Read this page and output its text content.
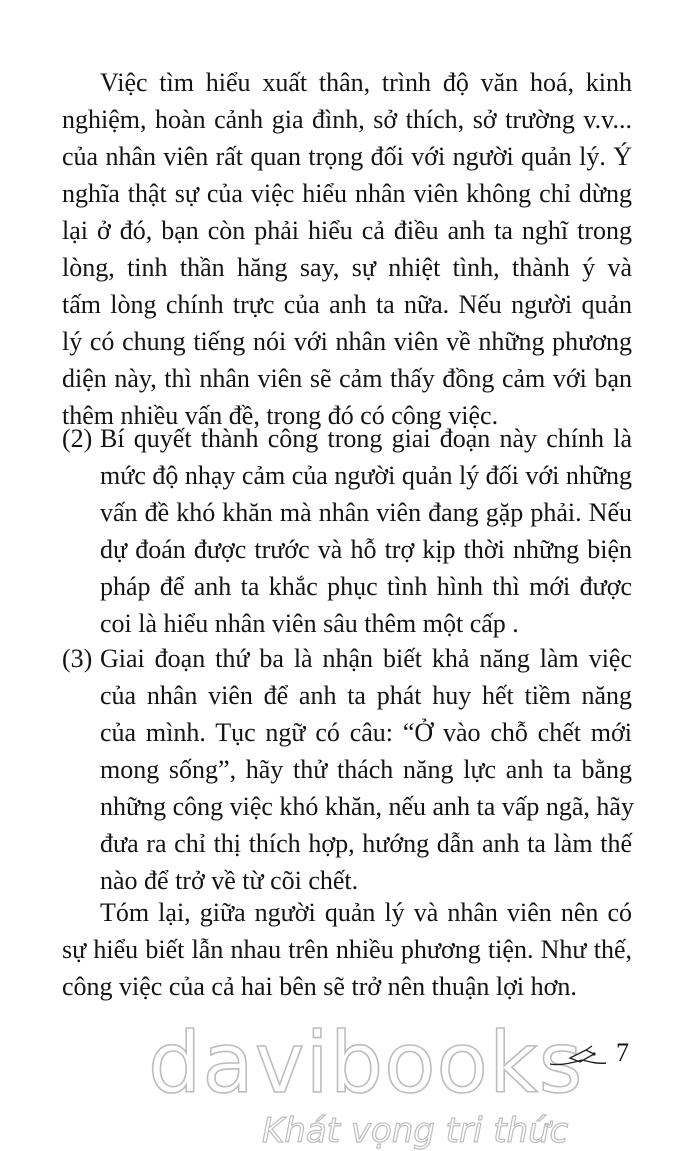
Việc tìm hiểu xuất thân, trình độ văn hoá, kinh
nghiệm, hoàn cảnh gia đình, sở thích, sở trường v.v...
của nhân viên rất quan trọng đối với người quản lý. Ý
nghĩa thật sự của việc hiểu nhân viên không chỉ dừng
lại ở đó, bạn còn phải hiểu cả điều anh ta nghĩ trong
lòng, tinh thần hăng say, sự nhiệt tình, thành ý và
tấm lòng chính trực của anh ta nữa. Nếu người quản
lý có chung tiếng nói với nhân viên về những phương
diện này, thì nhân viên sẽ cảm thấy đồng cảm với bạn
thêm nhiều vấn đề, trong đó có công việc.
(2) Bí quyết thành công trong giai đoạn này chính là
mức độ nhạy cảm của người quản lý đối với những
vấn đề khó khăn mà nhân viên đang gặp phải. Nếu
dự đoán được trước và hỗ trợ kịp thời những biện
pháp để anh ta khắc phục tình hình thì mới được
coi là hiểu nhân viên sâu thêm một cấp .
(3) Giai đoạn thứ ba là nhận biết khả năng làm việc
của nhân viên để anh ta phát huy hết tiềm năng
của mình. Tục ngữ có câu: “Ở vào chỗ chết mới
mong sống”, hãy thử thách năng lực anh ta bằng
những công việc khó khăn, nếu anh ta vấp ngã, hãy
đưa ra chỉ thị thích hợp, hướng dẫn anh ta làm thế
nào để trở về từ cõi chết.
Tóm lại, giữa người quản lý và nhân viên nên có
sự hiểu biết lẫn nhau trên nhiều phương tiện. Như thế,
công việc của cả hai bên sẽ trở nên thuận lợi hơn.

davibooks

Khát vọng tri thức

7
